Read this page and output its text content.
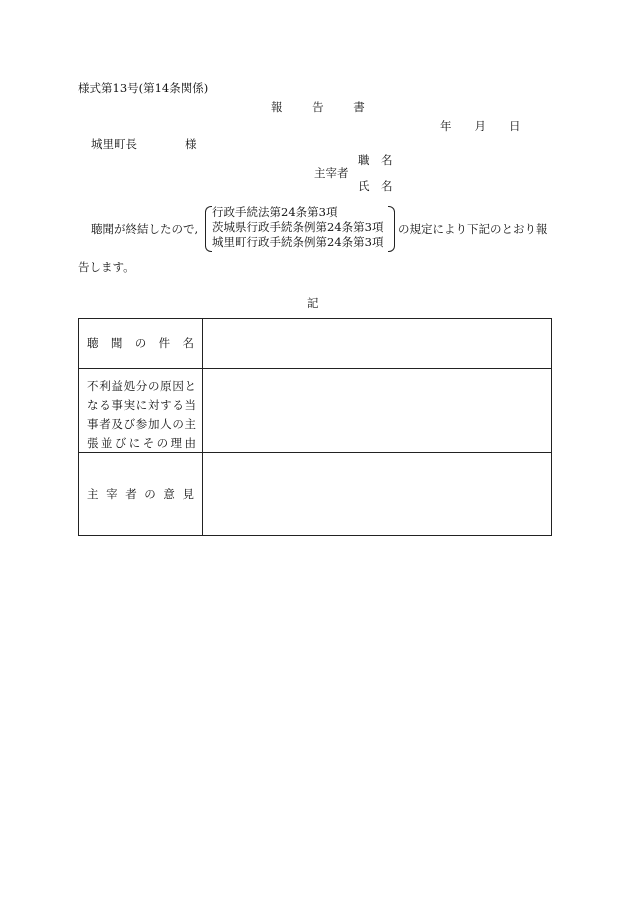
様式第13号(第14条関係)
報 告 書
年　　月　　日
城里町長	様
職　名
主宰者
氏　名
聴聞が終結したので,
行政手続法第24条第3項
茨城県行政手続条例第24条第3項
城里町行政手続条例第24条第3項
の規定により下記のとおり報
告します。
記
聴 聞 の 件 名
不 利 益 処 分 の 原 因 と
な る 事 実 に 対 す る 当
事 者 及 び 参 加 人 の 主
張 並 び に そ の 理 由
主 宰 者 の 意 見
